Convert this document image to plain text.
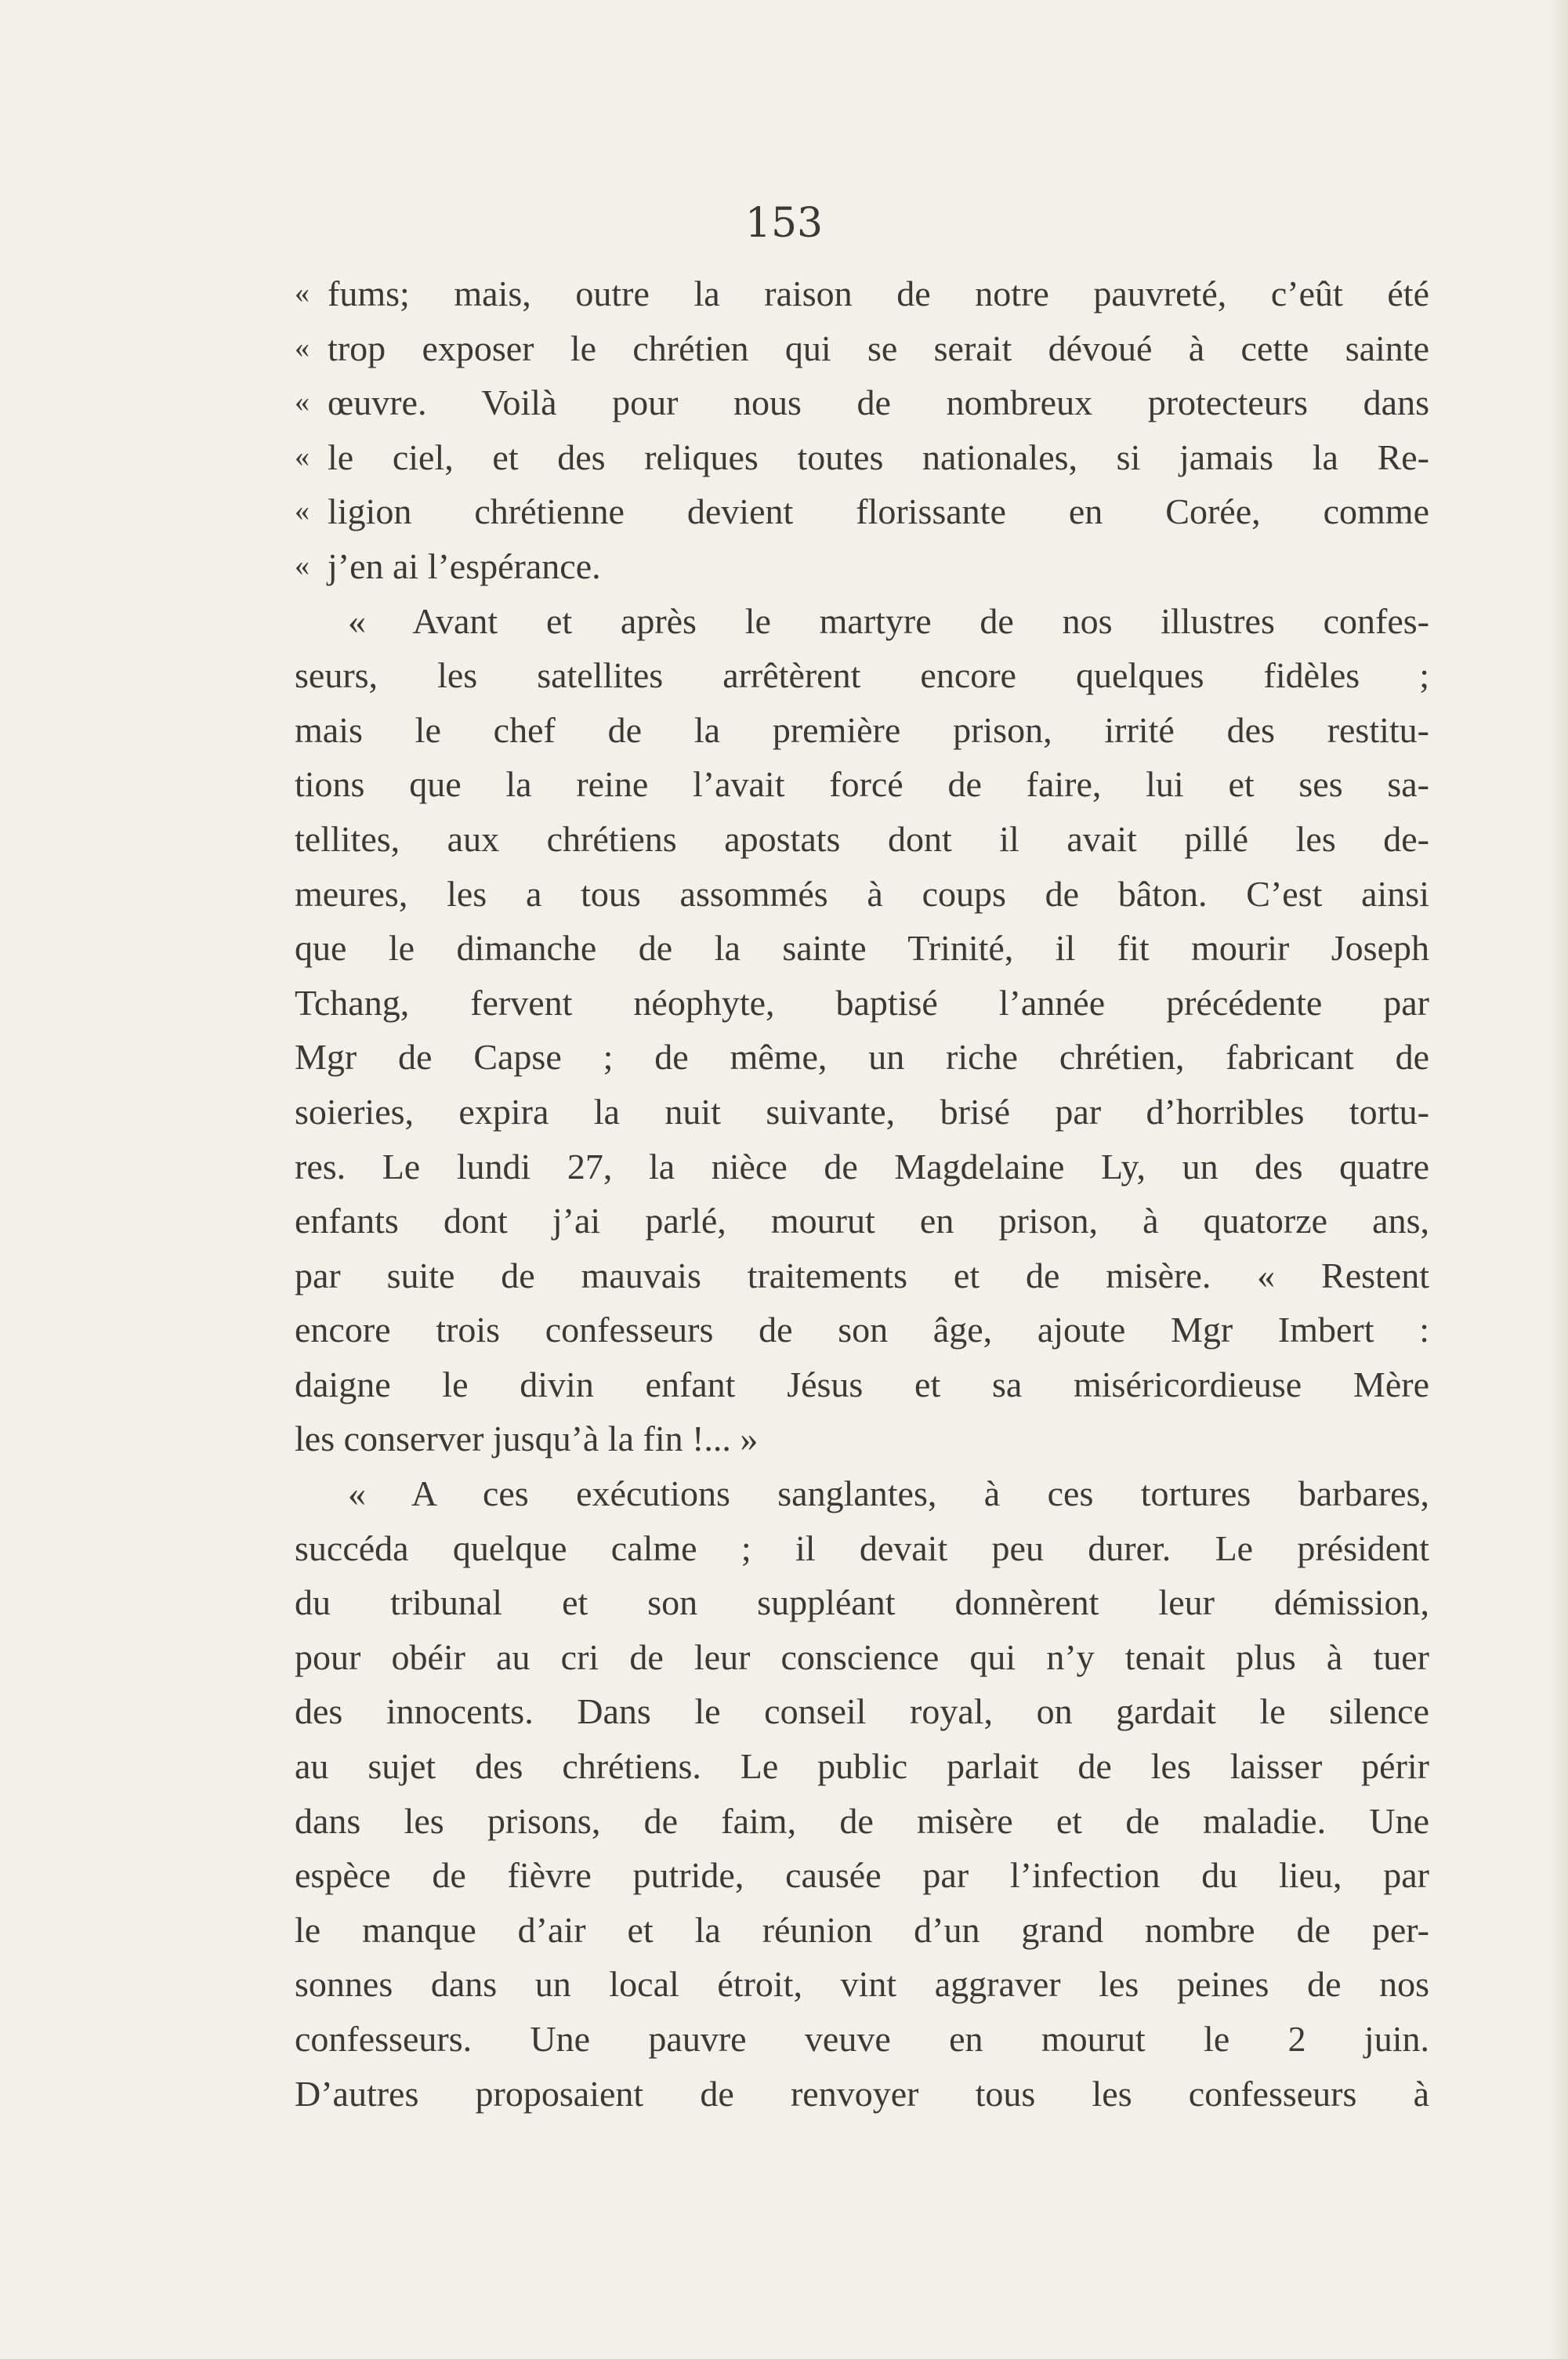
153
« fums; mais, outre la raison de notre pauvreté, c’eût été
« trop exposer le chrétien qui se serait dévoué à cette sainte
« œuvre. Voilà pour nous de nombreux protecteurs dans
« le ciel, et des reliques toutes nationales, si jamais la Re-
« ligion chrétienne devient florissante en Corée, comme
« j’en ai l’espérance.
« Avant et après le martyre de nos illustres confes-
seurs, les satellites arrêtèrent encore quelques fidèles ;
mais le chef de la première prison, irrité des restitu-
tions que la reine l’avait forcé de faire, lui et ses sa-
tellites, aux chrétiens apostats dont il avait pillé les de-
meures, les a tous assommés à coups de bâton. C’est ainsi
que le dimanche de la sainte Trinité, il fit mourir Joseph
Tchang, fervent néophyte, baptisé l’année précédente par
Mgr de Capse ; de même, un riche chrétien, fabricant de
soieries, expira la nuit suivante, brisé par d’horribles tortu-
res. Le lundi 27, la nièce de Magdelaine Ly, un des quatre
enfants dont j’ai parlé, mourut en prison, à quatorze ans,
par suite de mauvais traitements et de misère. « Restent
encore trois confesseurs de son âge, ajoute Mgr Imbert :
daigne le divin enfant Jésus et sa miséricordieuse Mère
les conserver jusqu’à la fin !... »
« A ces exécutions sanglantes, à ces tortures barbares,
succéda quelque calme ; il devait peu durer. Le président
du tribunal et son suppléant donnèrent leur démission,
pour obéir au cri de leur conscience qui n’y tenait plus à tuer
des innocents. Dans le conseil royal, on gardait le silence
au sujet des chrétiens. Le public parlait de les laisser périr
dans les prisons, de faim, de misère et de maladie. Une
espèce de fièvre putride, causée par l’infection du lieu, par
le manque d’air et la réunion d’un grand nombre de per-
sonnes dans un local étroit, vint aggraver les peines de nos
confesseurs. Une pauvre veuve en mourut le 2 juin.
D’autres proposaient de renvoyer tous les confesseurs à
